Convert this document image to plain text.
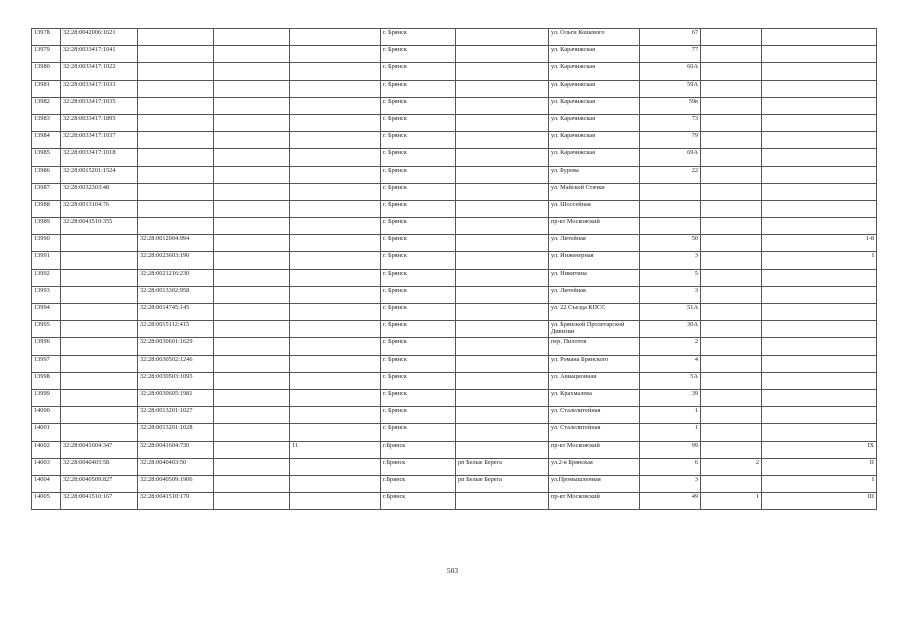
13978	32:28:0042006:1621				г. Брянск		ул. Ольги Кошевого	67		
13979	32:28:0033417:1041				г. Брянск		ул. Карачижская	77		
13980	32:28:0033417:1022				г. Брянск		ул. Карачижская	60А		
13981	32:28:0033417:1033				г. Брянск		ул. Карачижская	59А		
13982	32:28:0033417:1035				г. Брянск		ул. Карачижская	59в		
13983	32:28:0033417:1895				г. Брянск		ул. Карачижская	73		
13984	32:28:0033417:1037				г. Брянск		ул. Карачижская	79		
13985	32:28:0033417:1018				г. Брянск		ул. Карачижская	69А		
13986	32:28:0015201:1524				г. Брянск		ул. Бурова	22		
13987	32:28:0032303:48				г. Брянск		ул. Майской Стачки			
13988	32:28:0013104:76				г. Брянск		ул. Шоссейная			
13989	32:28:0041510:355				г. Брянск		пр-кт Московский			
13990		32:28:0012004:994			г. Брянск		ул. Литейная	50		1-8
13991		32:28:0023603:190			г. Брянск		ул. Инженерная	3		I
13992		32:28:0021216:230			г. Брянск		ул. Никитина	5		
13993		32:28:0013302:958			г. Брянск		ул. Литейная	3		
13994		32:28:0014745:145			г. Брянск		ул. 22 Съезда КПСС	51А		
13995		32:28:0015112:415			г. Брянск		ул. Брянской Пролетарской Дивизии	30А		
13996		32:28:0030601:1629			г. Брянск		пер. Пилотов	2		
13997		32:28:0030502:1246			г. Брянск		ул. Романа Брянского	4		
13998		32:28:0030503:1095			г. Брянск		ул. Авиационная	5А		
13999		32:28:0030605:1981			г. Брянск		ул. Крахмалева	39		
14000		32:28:0013201:1027			г. Брянск		ул. Сталелитейная	1		
14001		32:28:0013201:1028			г. Брянск		ул. Сталелитейная	1		
14002	32:28:0041604:347	32:28:0041604:730		11	г.Брянск		пр-кт Московский	99		IX
14003	32:28:0040403:58	32:28:0040403:50			г.Брянск	рп Белые Берега	ул.2-я Брянская	6	2	II
14004	32:28:0040509:827	32:28:0040509:1906			г.Брянск	рп Белые Берега	ул.Промышленная	3		I
14005	32:28:0041510:167	32:28:0041510:170			г.Брянск		пр-кт Московский	49	1	III
503
